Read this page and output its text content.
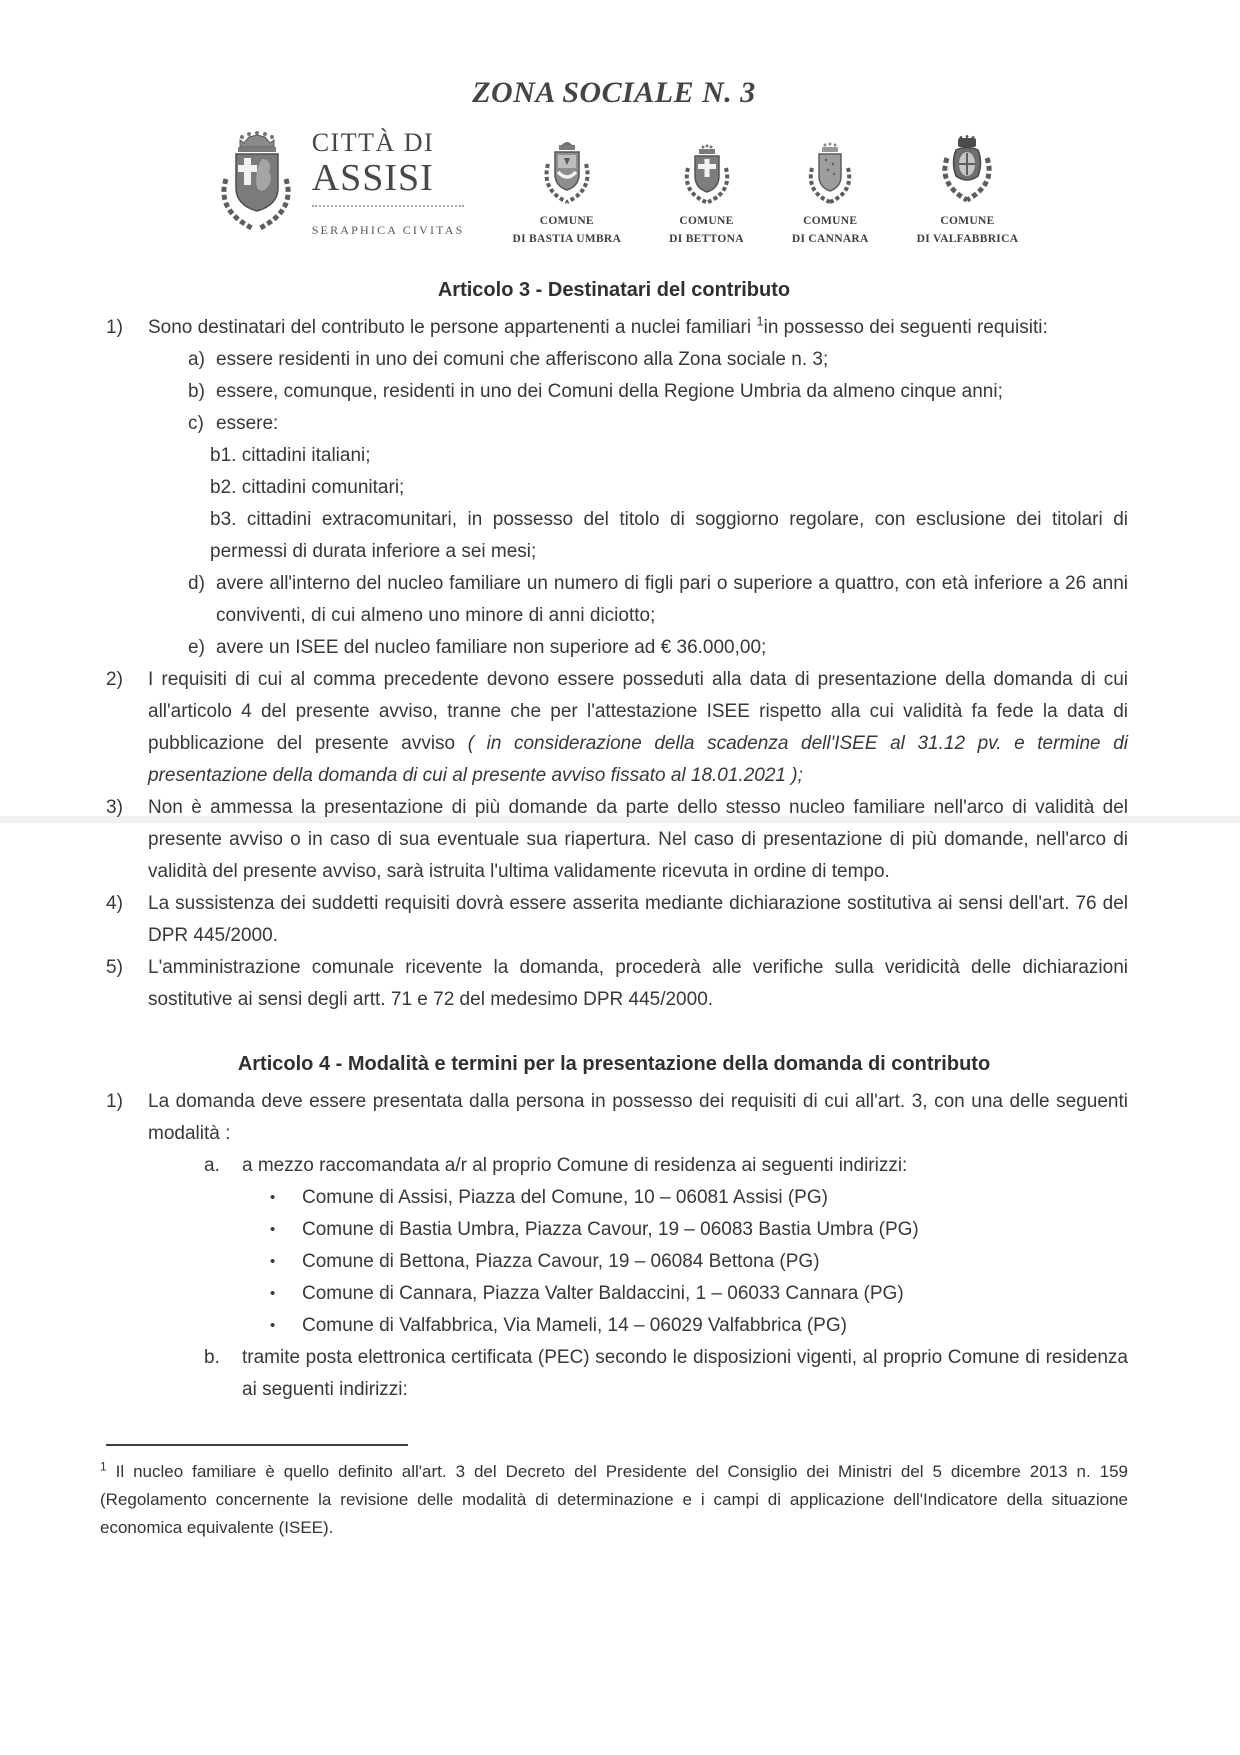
ZONA SOCIALE N. 3
CITTÀ DI
ASSISI
SERAPHICA CIVITAS
COMUNE
DI BASTIA UMBRA
COMUNE
DI BETTONA
COMUNE
DI CANNARA
COMUNE
DI VALFABBRICA
Articolo 3 - Destinatari del contributo
1)	Sono destinatari del contributo le persone appartenenti a nuclei familiari $^1$in possesso dei seguenti requisiti:
a) essere residenti in uno dei comuni che afferiscono alla Zona sociale n. 3;
b) essere, comunque, residenti in uno dei Comuni della Regione Umbria da almeno cinque anni;
c) essere:
b1. cittadini italiani;
b2. cittadini comunitari;
b3. cittadini extracomunitari, in possesso del titolo di soggiorno regolare, con esclusione dei titolari di permessi di durata inferiore a sei mesi;
d) avere all'interno del nucleo familiare un numero di figli pari o superiore a quattro, con età inferiore a 26 anni conviventi, di cui almeno uno minore di anni diciotto;
e) avere un ISEE del nucleo familiare non superiore ad € 36.000,00;
2)	I requisiti di cui al comma precedente devono essere posseduti alla data di presentazione della domanda di cui all'articolo 4 del presente avviso, tranne che per l'attestazione ISEE rispetto alla cui validità fa fede la data di pubblicazione del presente avviso ( in considerazione della scadenza dell'ISEE al 31.12 pv. e termine di presentazione della domanda di cui al presente avviso fissato al 18.01.2021 );
3)	Non è ammessa la presentazione di più domande da parte dello stesso nucleo familiare nell'arco di validità del presente avviso o in caso di sua eventuale sua riapertura. Nel caso di presentazione di più domande, nell'arco di validità del presente avviso, sarà istruita l'ultima validamente ricevuta in ordine di tempo.
4)	La sussistenza dei suddetti requisiti dovrà essere asserita mediante dichiarazione sostitutiva ai sensi dell'art. 76 del DPR 445/2000.
5)	L'amministrazione comunale ricevente la domanda, procederà alle verifiche sulla veridicità delle dichiarazioni sostitutive ai sensi degli artt. 71 e 72 del medesimo DPR 445/2000.
Articolo 4 - Modalità e termini per la presentazione della domanda di contributo
1)	La domanda deve essere presentata dalla persona in possesso dei requisiti di cui all'art. 3, con una delle seguenti modalità :
a.	a mezzo raccomandata a/r al proprio Comune di residenza ai seguenti indirizzi:
•	Comune di Assisi, Piazza del Comune, 10 – 06081 Assisi (PG)
•	Comune di Bastia Umbra, Piazza Cavour, 19 – 06083 Bastia Umbra (PG)
•	Comune di Bettona, Piazza Cavour, 19 – 06084 Bettona (PG)
•	Comune di Cannara, Piazza Valter Baldaccini, 1 – 06033 Cannara (PG)
•	Comune di Valfabbrica, Via Mameli, 14 – 06029 Valfabbrica (PG)
b.	tramite posta elettronica certificata (PEC) secondo le disposizioni vigenti, al proprio Comune di residenza ai seguenti indirizzi:
$^1$ Il nucleo familiare è quello definito all'art. 3 del Decreto del Presidente del Consiglio dei Ministri del 5 dicembre 2013 n. 159 (Regolamento concernente la revisione delle modalità di determinazione e i campi di applicazione dell'Indicatore della situazione economica equivalente (ISEE).
